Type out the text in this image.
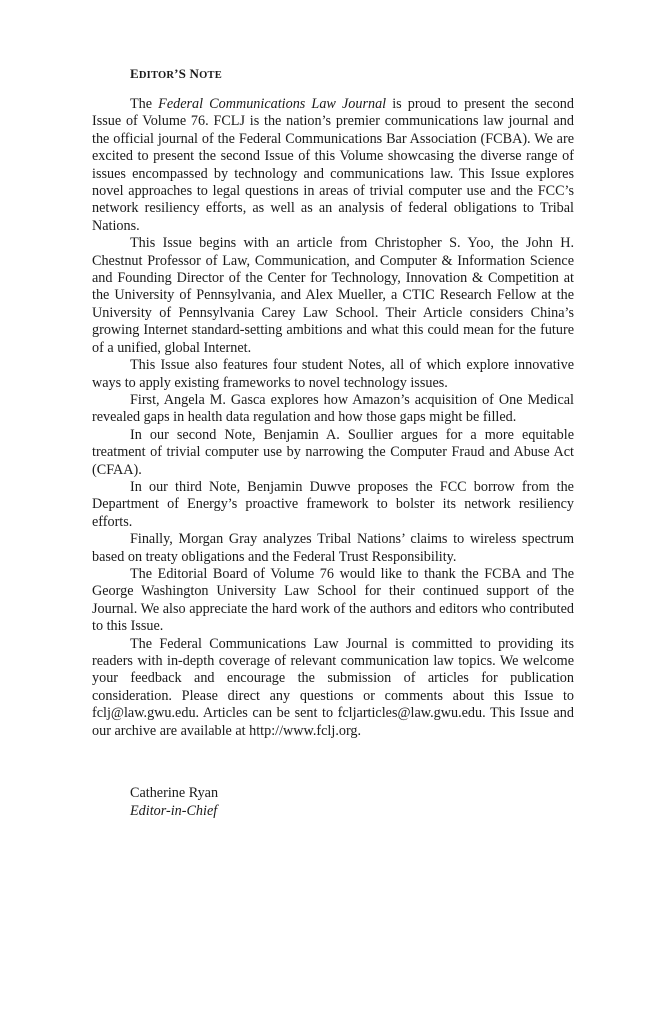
EDITOR’S NOTE

The Federal Communications Law Journal is proud to present the second Issue of Volume 76. FCLJ is the nation’s premier communications law journal and the official journal of the Federal Communications Bar Association (FCBA). We are excited to present the second Issue of this Volume showcasing the diverse range of issues encompassed by technology and communications law. This Issue explores novel approaches to legal questions in areas of trivial computer use and the FCC’s network resiliency efforts, as well as an analysis of federal obligations to Tribal Nations.

This Issue begins with an article from Christopher S. Yoo, the John H. Chestnut Professor of Law, Communication, and Computer & Information Science and Founding Director of the Center for Technology, Innovation & Competition at the University of Pennsylvania, and Alex Mueller, a CTIC Research Fellow at the University of Pennsylvania Carey Law School. Their Article considers China’s growing Internet standard-setting ambitions and what this could mean for the future of a unified, global Internet.

This Issue also features four student Notes, all of which explore innovative ways to apply existing frameworks to novel technology issues.

First, Angela M. Gasca explores how Amazon’s acquisition of One Medical revealed gaps in health data regulation and how those gaps might be filled.

In our second Note, Benjamin A. Soullier argues for a more equitable treatment of trivial computer use by narrowing the Computer Fraud and Abuse Act (CFAA).

In our third Note, Benjamin Duwve proposes the FCC borrow from the Department of Energy’s proactive framework to bolster its network resiliency efforts.

Finally, Morgan Gray analyzes Tribal Nations’ claims to wireless spectrum based on treaty obligations and the Federal Trust Responsibility.

The Editorial Board of Volume 76 would like to thank the FCBA and The George Washington University Law School for their continued support of the Journal. We also appreciate the hard work of the authors and editors who contributed to this Issue.

The Federal Communications Law Journal is committed to providing its readers with in-depth coverage of relevant communication law topics. We welcome your feedback and encourage the submission of articles for publication consideration. Please direct any questions or comments about this Issue to fclj@law.gwu.edu. Articles can be sent to fcljarticles@law.gwu.edu. This Issue and our archive are available at http://www.fclj.org.

Catherine Ryan
Editor-in-Chief
